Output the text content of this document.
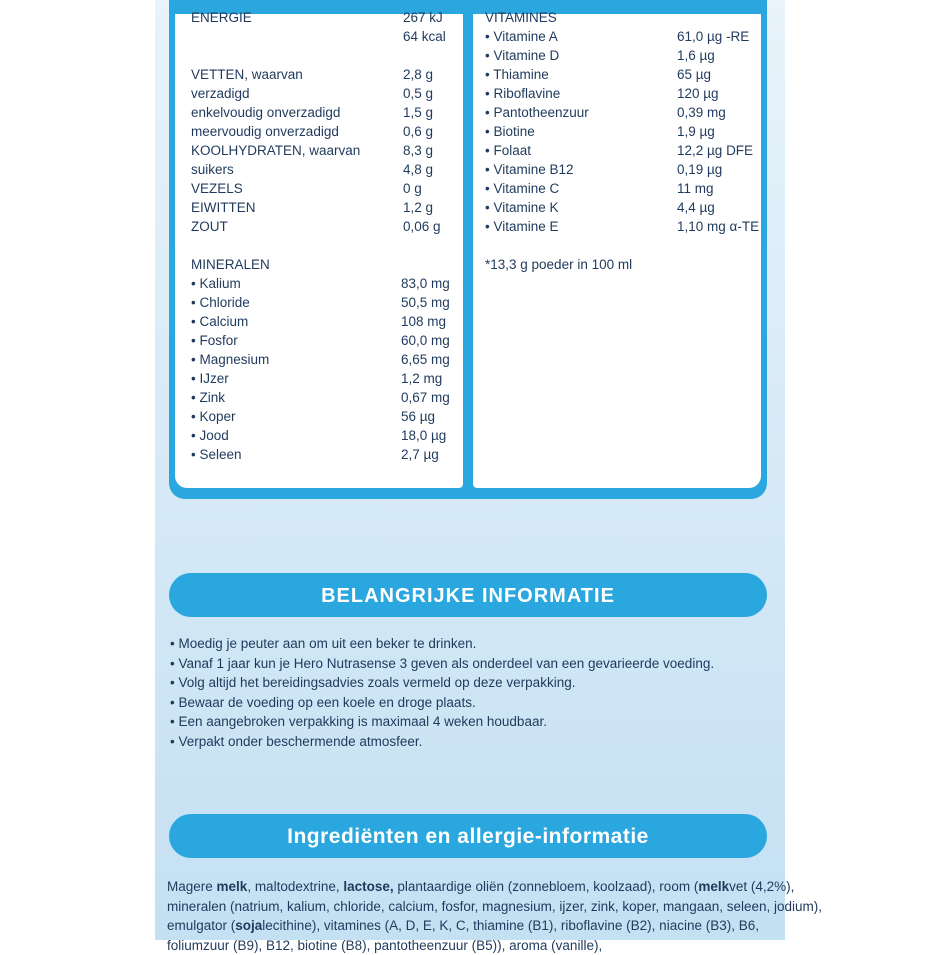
ENERGIE	267 kJ
64 kcal
VETTEN, waarvan	2,8 g
verzadigd	0,5 g
enkelvoudig onverzadigd	1,5 g
meervoudig onverzadigd	0,6 g
KOOLHYDRATEN, waarvan	8,3 g
suikers	4,8 g
VEZELS	0 g
EIWITTEN	1,2 g
ZOUT	0,06 g
MINERALEN
• Kalium	83,0 mg
• Chloride	50,5 mg
• Calcium	108 mg
• Fosfor	60,0 mg
• Magnesium	6,65 mg
• IJzer	1,2 mg
• Zink	0,67 mg
• Koper	56 µg
• Jood	18,0 µg
• Seleen	2,7 µg
VITAMINES
• Vitamine A	61,0 µg -RE
• Vitamine D	1,6 µg
• Thiamine	65 µg
• Riboflavine	120 µg
• Pantotheenzuur	0,39 mg
• Biotine	1,9 µg
• Folaat	12,2 µg DFE
• Vitamine B12	0,19 µg
• Vitamine C	11 mg
• Vitamine K	4,4 µg
• Vitamine E	1,10 mg α-TE
*13,3 g poeder in 100 ml
BELANGRIJKE INFORMATIE
• Moedig je peuter aan om uit een beker te drinken.
• Vanaf 1 jaar kun je Hero Nutrasense 3 geven als onderdeel van een gevarieerde voeding.
• Volg altijd het bereidingsadvies zoals vermeld op deze verpakking.
• Bewaar de voeding op een koele en droge plaats.
• Een aangebroken verpakking is maximaal 4 weken houdbaar.
• Verpakt onder beschermende atmosfeer.
Ingrediënten en allergie-informatie
Magere melk, maltodextrine, lactose, plantaardige oliën (zonnebloem, koolzaad), room (melkvet (4,2%),
mineralen (natrium, kalium, chloride, calcium, fosfor, magnesium, ijzer, zink, koper, mangaan, seleen, jodium),
emulgator (sojalecithine), vitamines (A, D, E, K, C, thiamine (B1), riboflavine (B2), niacine (B3), B6,
foliumzuur (B9), B12, biotine (B8), pantotheenzuur (B5)), aroma (vanille),
